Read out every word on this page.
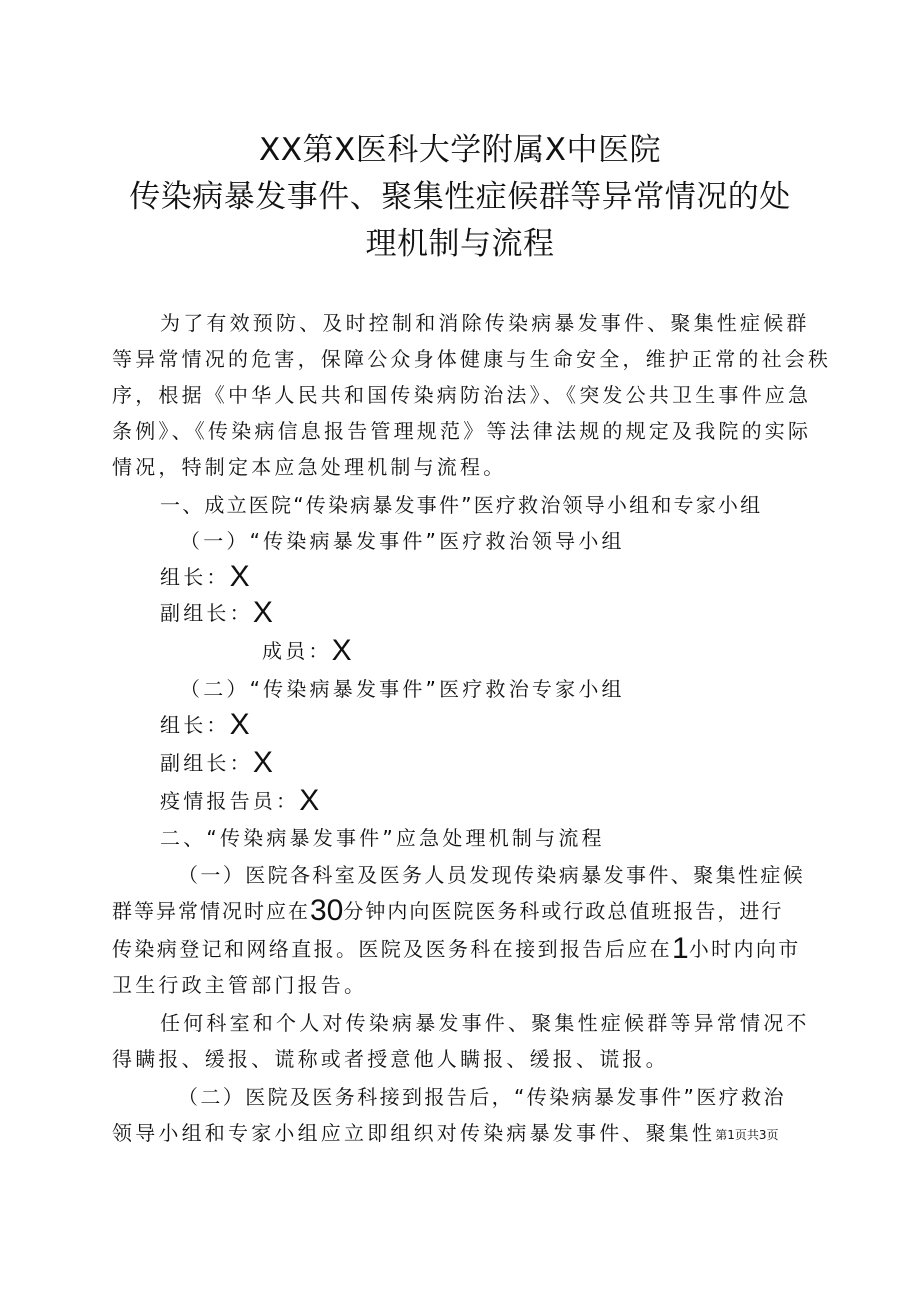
XX第X医科大学附属X中医院
传染病暴发事件、聚集性症候群等异常情况的处
理机制与流程
为了有效预防、及时控制和消除传染病暴发事件、聚集性症候群
等异常情况的危害，保障公众身体健康与生命安全，维护正常的社会秩
序，根据《中华人民共和国传染病防治法》、《突发公共卫生事件应急
条例》、《传染病信息报告管理规范》等法律法规的规定及我院的实际
情况，特制定本应急处理机制与流程。
一、成立医院“传染病暴发事件”医疗救治领导小组和专家小组
（一）“传染病暴发事件”医疗救治领导小组
组长：X
副组长：X
成员：X
（二）“传染病暴发事件”医疗救治专家小组
组长：X
副组长：X
疫情报告员：X
二、“传染病暴发事件”应急处理机制与流程
（一）医院各科室及医务人员发现传染病暴发事件、聚集性症候
群等异常情况时应在30分钟内向医院医务科或行政总值班报告，进行
传染病登记和网络直报。医院及医务科在接到报告后应在1小时内向市
卫生行政主管部门报告。
任何科室和个人对传染病暴发事件、聚集性症候群等异常情况不
得瞒报、缓报、谎称或者授意他人瞒报、缓报、谎报。
（二）医院及医务科接到报告后，“传染病暴发事件”医疗救治
领导小组和专家小组应立即组织对传染病暴发事件、聚集性第1页共3页
